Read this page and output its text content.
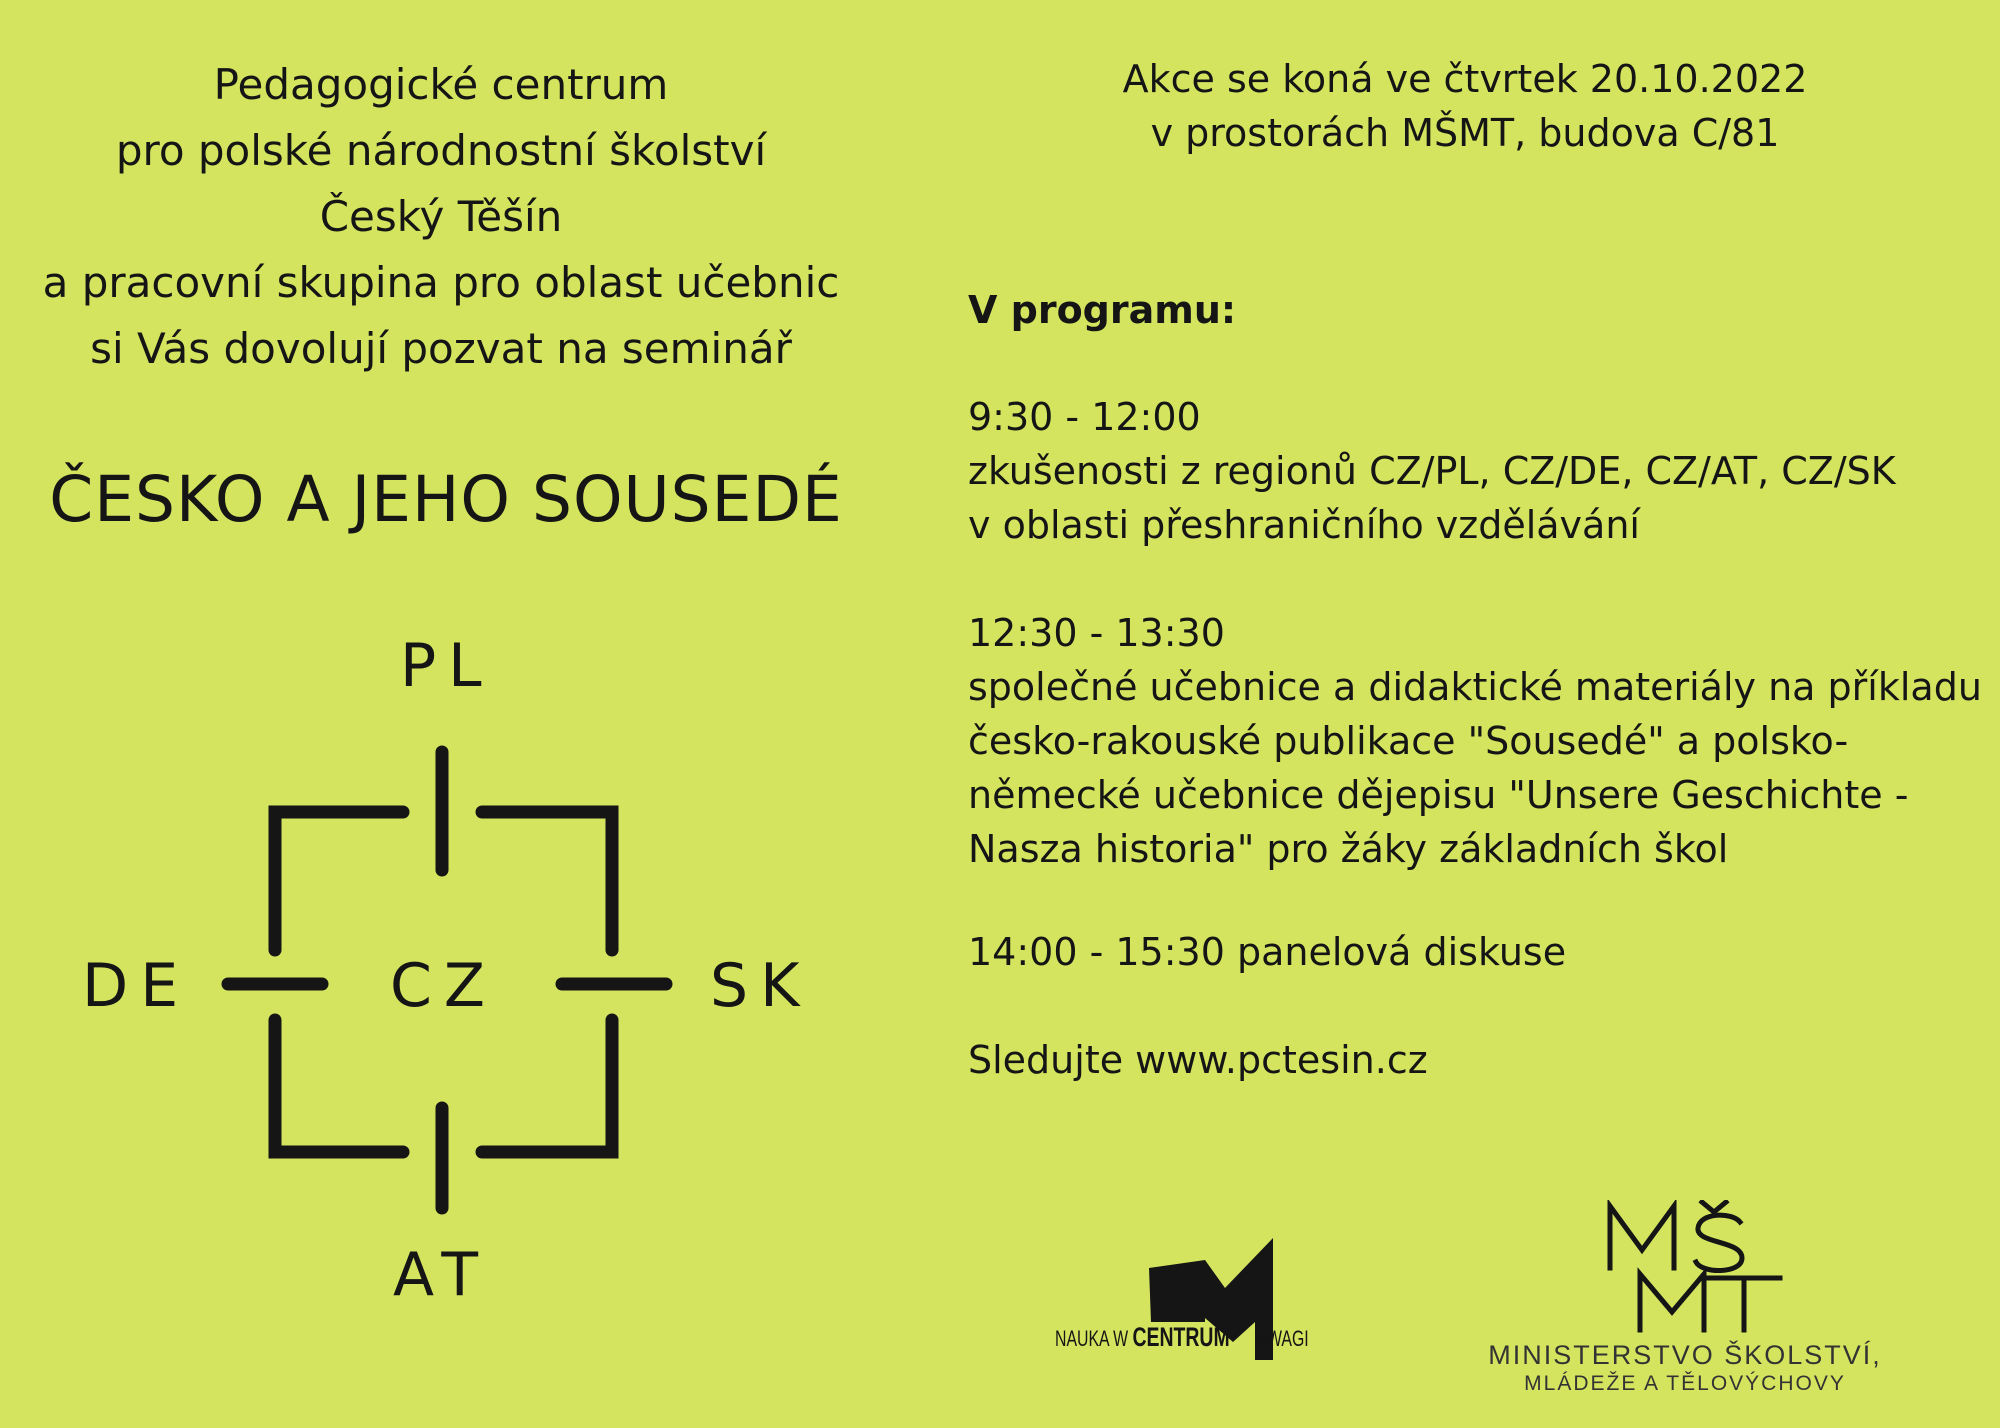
Pedagogické centrum
pro polské národnostní školství
Český Těšín
a pracovní skupina pro oblast učebnic
si Vás dovolují pozvat na seminář
ČESKO A JEHO SOUSEDÉ
PL
DE	CZ	SK
AT
Akce se koná ve čtvrtek 20.10.2022
v prostorách MŠMT, budova C/81
V programu:
9:30 - 12:00
zkušenosti z regionů CZ/PL, CZ/DE, CZ/AT, CZ/SK
v oblasti přeshraničního vzdělávání
12:30 - 13:30
společné učebnice a didaktické materiály na příkladu
česko-rakouské publikace "Sousedé" a polsko-
německé učebnice dějepisu "Unsere Geschichte -
Nasza historia" pro žáky základních škol
14:00 - 15:30 panelová diskuse
Sledujte www.pctesin.cz
NAUKA W CENTRUM UWAGI
MINISTERSTVO ŠKOLSTVÍ,
MLÁDEŽE A TĚLOVÝCHOVY
